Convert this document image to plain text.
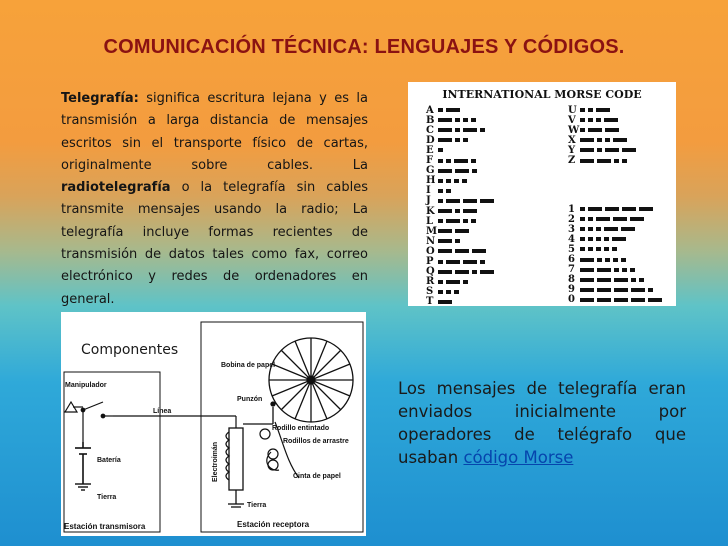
COMUNICACIÓN TÉCNICA: LENGUAJES Y CÓDIGOS.
Telegrafía: significa escritura lejana y es la transmisión a larga distancia de mensajes escritos sin el transporte físico de cartas, originalmente sobre cables. La radiotelegrafía o la telegrafía sin cables transmite mensajes usando la radio; La telegrafía incluye formas recientes de transmisión de datos tales como fax, correo electrónico y redes de ordenadores en general.
INTERNATIONAL MORSE CODE
A
B
C
D
E
F
G
H
I
J
K
L
M
N
O
P
Q
R
S
T
U
V
W
X
Y
Z
1
2
3
4
5
6
7
8
9
0
Componentes
Manipulador
Línea
Batería
Tierra
Estación transmisora
Bobina de papel
Punzón
Rodillo entintado
Rodillos de arrastre
Cinta de papel
Electroimán
Tierra
Estación receptora
Los mensajes de telegrafía eran enviados inicialmente por operadores de telégrafo que usaban código Morse
